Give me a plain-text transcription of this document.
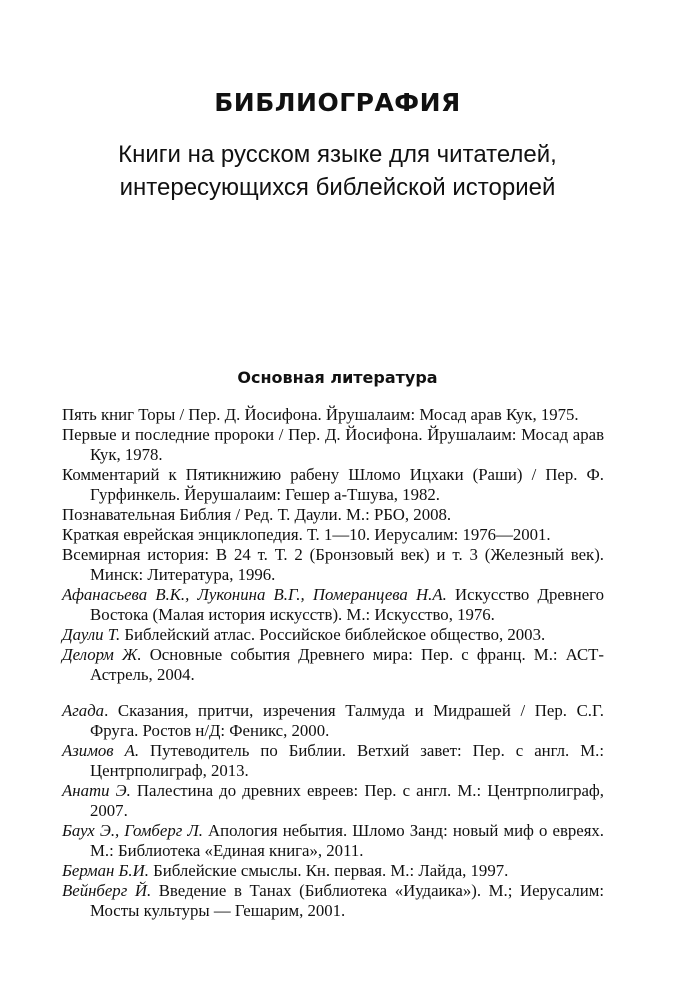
БИБЛИОГРАФИЯ
Книги на русском языке для читателей,
интересующихся библейской историей
Основная литература

Пять книг Торы / Пер. Д. Йосифона. Йрушалаим: Мосад арав Кук, 1975.

Первые и последние пророки / Пер. Д. Йосифона. Йрушалаим: Мосад арав Кук, 1978.

Комментарий к Пятикнижию рабену Шломо Ицхаки (Раши) / Пер. Ф. Гурфинкель. Йерушалаим: Гешер а-Тшува, 1982.

Познавательная Библия / Ред. Т. Даули. М.: РБО, 2008.

Краткая еврейская энциклопедия. Т. 1—10. Иерусалим: 1976—2001.

Всемирная история: В 24 т. Т. 2 (Бронзовый век) и т. 3 (Железный век). Минск: Литература, 1996.

Афанасьева В.К., Луконина В.Г., Померанцева Н.А. Искусство Древнего Востока (Малая история искусств). М.: Искусство, 1976.

Даули Т. Библейский атлас. Российское библейское общество, 2003.

Делорм Ж. Основные события Древнего мира: Пер. с франц. М.: АСТ-Астрель, 2004.

Агада. Сказания, притчи, изречения Талмуда и Мидрашей / Пер. С.Г. Фруга. Ростов н/Д: Феникс, 2000.

Азимов А. Путеводитель по Библии. Ветхий завет: Пер. с англ. М.: Центрполиграф, 2013.

Анати Э. Палестина до древних евреев: Пер. с англ. М.: Центрполиграф, 2007.

Баух Э., Гомберг Л. Апология небытия. Шломо Занд: новый миф о евреях. М.: Библиотека «Единая книга», 2011.

Берман Б.И. Библейские смыслы. Кн. первая. М.: Лайда, 1997.

Вейнберг Й. Введение в Танах (Библиотека «Иудаика»). М.; Иерусалим: Мосты культуры — Гешарим, 2001.
